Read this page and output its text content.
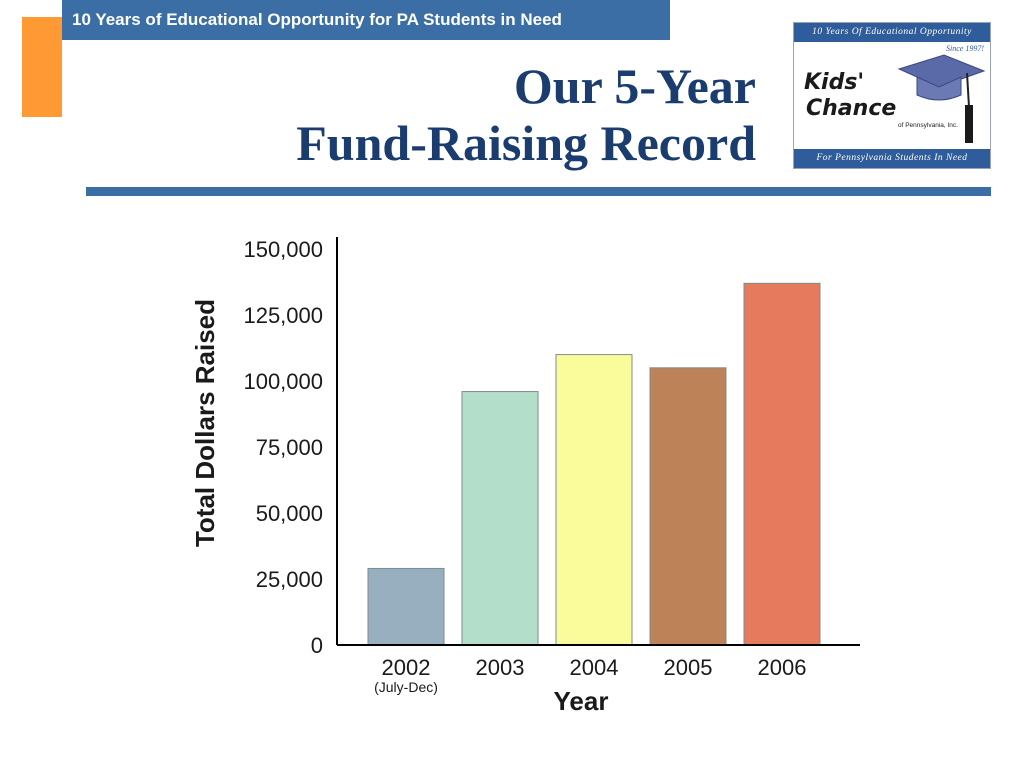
10 Years of Educational Opportunity for PA Students in Need
Our 5-Year
Fund-Raising Record
10 Years Of Educational Opportunity
Since 1997!
Kids'
Chance
of Pennsylvania, Inc.
For Pennsylvania Students In Need
0
25,000
50,000
75,000
100,000
125,000
150,000
2002
(July-Dec)
2003 2004 2005 2006
Total Dollars Raised
Year
